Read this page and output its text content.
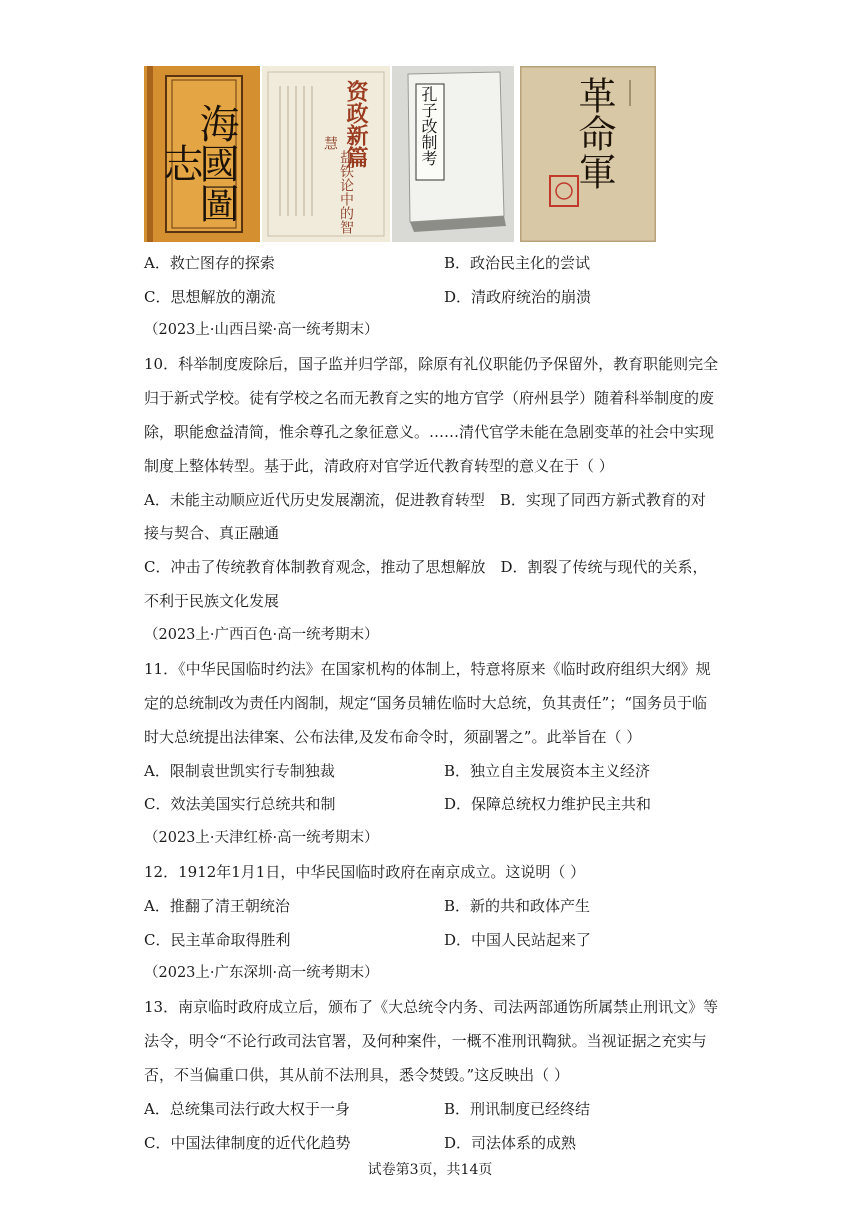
海國圖志	资政新篇
：盐铁论中的智慧	孔子改制考	革命軍
A．救亡图存的探索	B．政治民主化的尝试
C．思想解放的潮流	D．清政府统治的崩溃
（2023上·山西吕梁·高一统考期末）
10．科举制度废除后，国子监并归学部，除原有礼仪职能仍予保留外，教育职能则完全
归于新式学校。徒有学校之名而无教育之实的地方官学（府州县学）随着科举制度的废
除，职能愈益清简，惟余尊孔之象征意义。……清代官学未能在急剧变革的社会中实现
制度上整体转型。基于此，清政府对官学近代教育转型的意义在于（ ）
A．未能主动顺应近代历史发展潮流，促进教育转型　B．实现了同西方新式教育的对
接与契合、真正融通
C．冲击了传统教育体制教育观念，推动了思想解放　D．割裂了传统与现代的关系，
不利于民族文化发展
（2023上·广西百色·高一统考期末）
11．《中华民国临时约法》在国家机构的体制上，特意将原来《临时政府组织大纲》规
定的总统制改为责任内阁制，规定“国务员辅佐临时大总统，负其责任”；“国务员于临
时大总统提出法律案、公布法律,及发布命令时，须副署之”。此举旨在（ ）
A．限制袁世凯实行专制独裁	B．独立自主发展资本主义经济
C．效法美国实行总统共和制	D．保障总统权力维护民主共和
（2023上·天津红桥·高一统考期末）
12．1912年1月1日，中华民国临时政府在南京成立。这说明（ ）
A．推翻了清王朝统治	B．新的共和政体产生
C．民主革命取得胜利	D．中国人民站起来了
（2023上·广东深圳·高一统考期末）
13．南京临时政府成立后，颁布了《大总统令内务、司法两部通饬所属禁止刑讯文》等
法令，明令“不论行政司法官署，及何种案件，一概不准刑讯鞫狱。当视证据之充实与
否，不当偏重口供，其从前不法刑具，悉令焚毁。”这反映出（ ）
A．总统集司法行政大权于一身	B．刑讯制度已经终结
C．中国法律制度的近代化趋势	D．司法体系的成熟
试卷第3页，共14页
